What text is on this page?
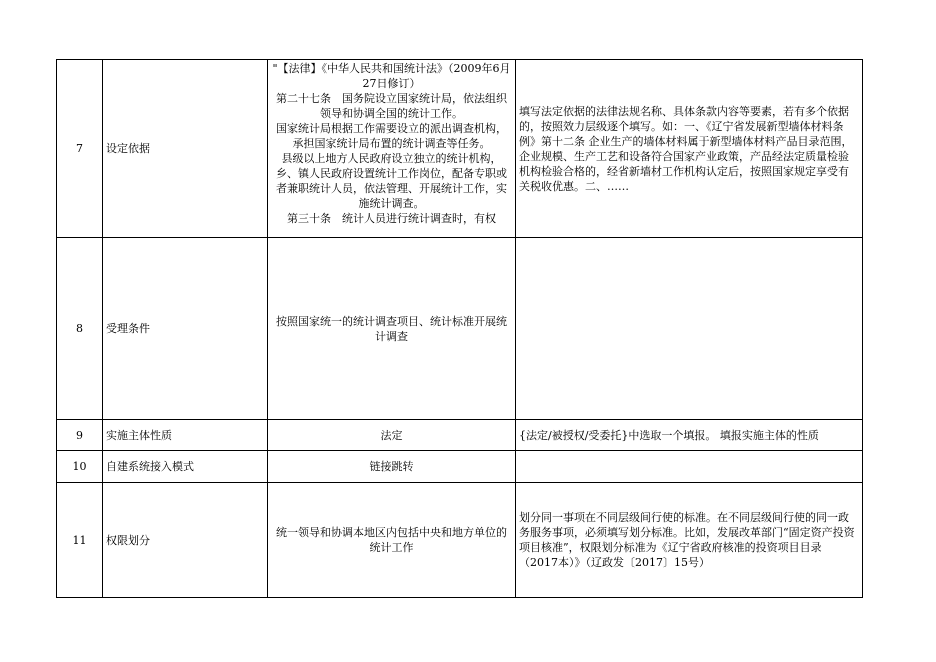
7	设定依据	"【法律】《中华人民共和国统计法》（2009年6月27日修订）

第二十七条　国务院设立国家统计局，依法组织领导和协调全国的统计工作。

国家统计局根据工作需要设立的派出调查机构，承担国家统计局布置的统计调查等任务。

县级以上地方人民政府设立独立的统计机构，乡、镇人民政府设置统计工作岗位，配备专职或者兼职统计人员，依法管理、开展统计工作，实施统计调查。

第三十条　统计人员进行统计调查时，有权	填写法定依据的法律法规名称、具体条款内容等要素，若有多个依据的，按照效力层级逐个填写。如：一、《辽宁省发展新型墙体材料条例》第十二条 企业生产的墙体材料属于新型墙体材料产品目录范围，企业规模、生产工艺和设备符合国家产业政策，产品经法定质量检验机构检验合格的，经省新墙材工作机构认定后，按照国家规定享受有关税收优惠。二、……
8	受理条件	按照国家统一的统计调查项目、统计标准开展统计调查	
9	实施主体性质	法定	{法定/被授权/受委托}中选取一个填报。 填报实施主体的性质
10	自建系统接入模式	链接跳转	
11	权限划分	统一领导和协调本地区内包括中央和地方单位的统计工作	划分同一事项在不同层级间行使的标准。在不同层级间行使的同一政务服务事项，必须填写划分标准。比如，发展改革部门“固定资产投资项目核准”，权限划分标准为《辽宁省政府核准的投资项目目录（2017本）》（辽政发〔2017〕15号）
